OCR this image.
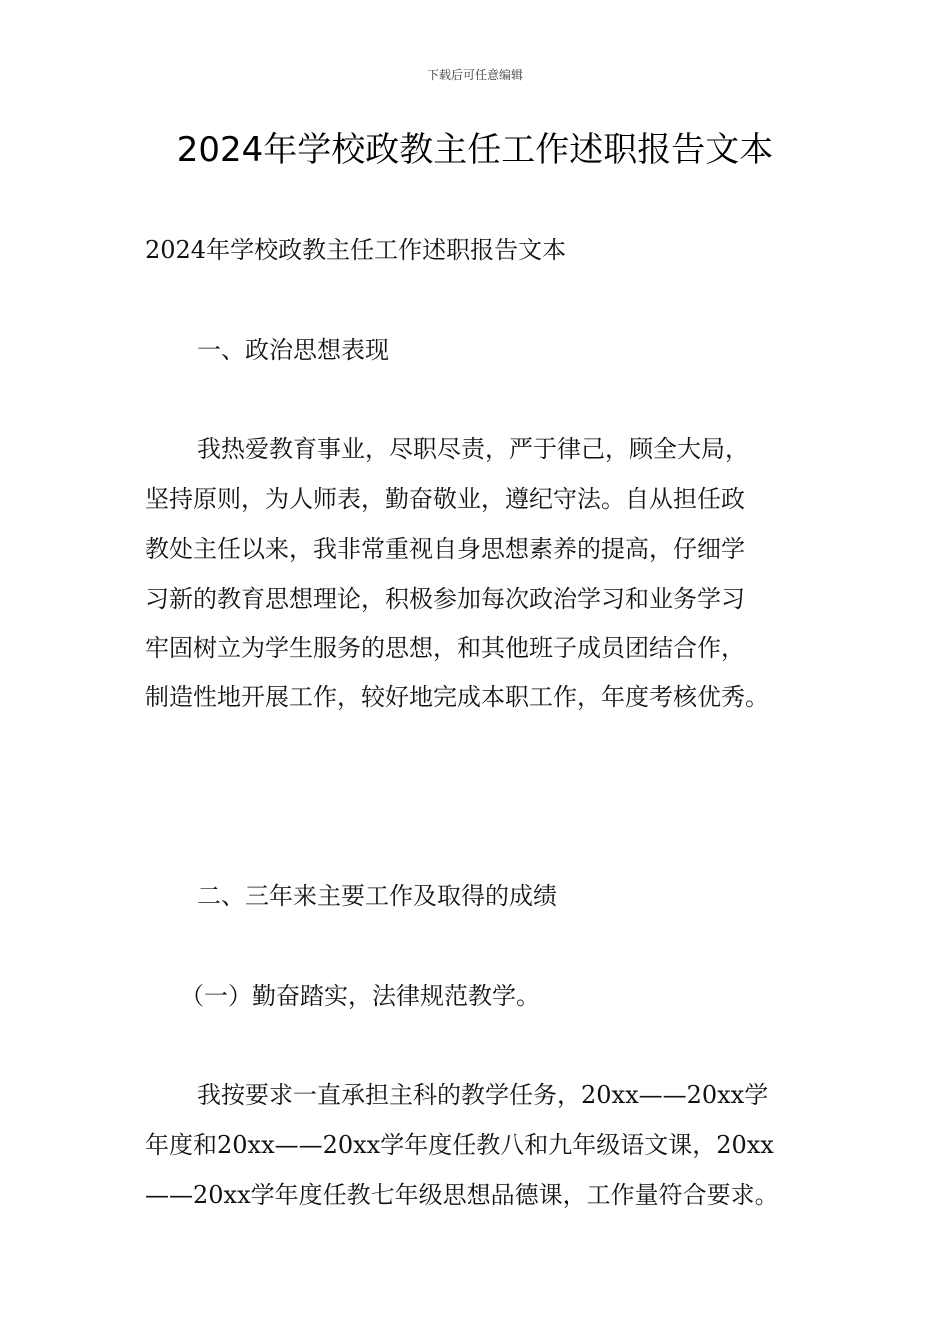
下载后可任意编辑
2024年学校政教主任工作述职报告文本

2024年学校政教主任工作述职报告文本

一、政治思想表现

我热爱教育事业，尽职尽责，严于律己，顾全大局，

坚持原则，为人师表，勤奋敬业，遵纪守法。自从担任政

教处主任以来，我非常重视自身思想素养的提高，仔细学

习新的教育思想理论，积极参加每次政治学习和业务学习

牢固树立为学生服务的思想，和其他班子成员团结合作，

制造性地开展工作，较好地完成本职工作，年度考核优秀。

二、三年来主要工作及取得的成绩

（一）勤奋踏实，法律规范教学。

我按要求一直承担主科的教学任务，20xx——20xx学

年度和20xx——20xx学年度任教八和九年级语文课，20xx

——20xx学年度任教七年级思想品德课，工作量符合要求。
